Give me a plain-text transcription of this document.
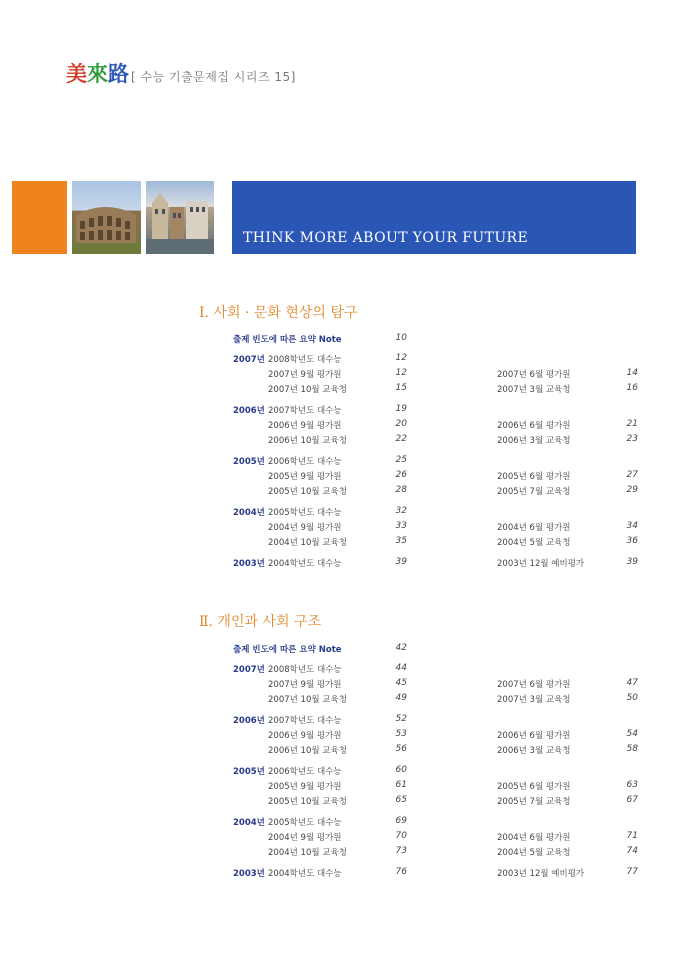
美來路 [ 수능 기출문제집 시리즈 15]
THINK MORE ABOUT YOUR FUTURE
Ⅰ. 사회 · 문화 현상의 탐구
출제 빈도에 따른 요약 Note	10
2007년 2008학년도 대수능	12
2007년 9월 평가원	12	2007년 6월 평가원	14
2007년 10월 교육청	15	2007년 3월 교육청	16
2006년 2007학년도 대수능	19
2006년 9월 평가원	20	2006년 6월 평가원	21
2006년 10월 교육청	22	2006년 3월 교육청	23
2005년 2006학년도 대수능	25
2005년 9월 평가원	26	2005년 6월 평가원	27
2005년 10월 교육청	28	2005년 7월 교육청	29
2004년 2005학년도 대수능	32
2004년 9월 평가원	33	2004년 6월 평가원	34
2004년 10월 교육청	35	2004년 5월 교육청	36
2003년 2004학년도 대수능	39	2003년 12월 예비평가	39
Ⅱ. 개인과 사회 구조
출제 빈도에 따른 요약 Note	42
2007년 2008학년도 대수능	44
2007년 9월 평가원	45	2007년 6월 평가원	47
2007년 10월 교육청	49	2007년 3월 교육청	50
2006년 2007학년도 대수능	52
2006년 9월 평가원	53	2006년 6월 평가원	54
2006년 10월 교육청	56	2006년 3월 교육청	58
2005년 2006학년도 대수능	60
2005년 9월 평가원	61	2005년 6월 평가원	63
2005년 10월 교육청	65	2005년 7월 교육청	67
2004년 2005학년도 대수능	69
2004년 9월 평가원	70	2004년 6월 평가원	71
2004년 10월 교육청	73	2004년 5월 교육청	74
2003년 2004학년도 대수능	76	2003년 12월 예비평가	77
